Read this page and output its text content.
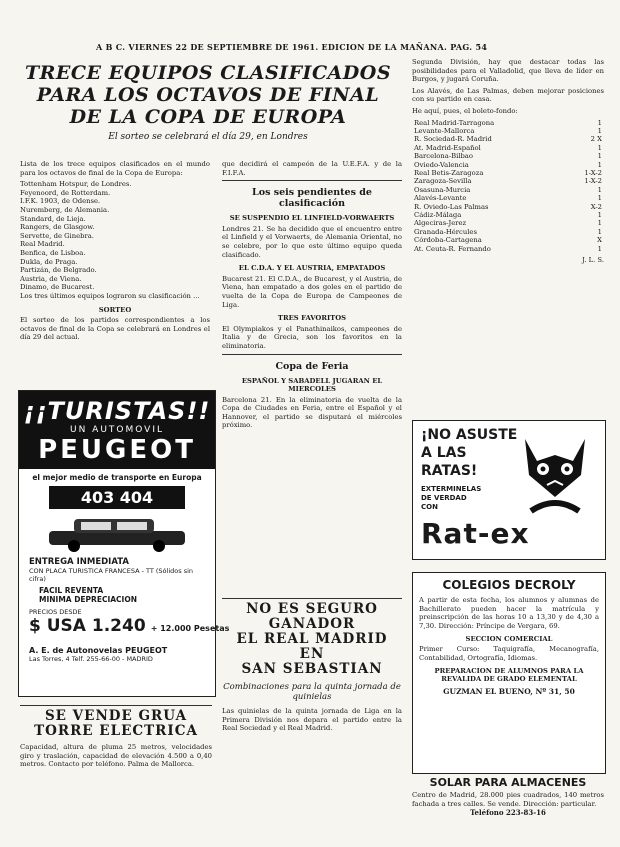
A B C. VIERNES 22 DE SEPTIEMBRE DE 1961. EDICION DE LA MAÑANA. PAG. 54
TRECE EQUIPOS CLASIFICADOS
PARA LOS OCTAVOS DE FINAL
DE LA COPA DE EUROPA
El sorteo se celebrará el día 29, en Londres

Lista de los trece equipos clasificados en el mundo para los octavos de final de la Copa de Europa:

Tottenham Hotspur, de Londres.
Feyenoord, de Rotterdam.
I.F.K. 1903, de Odense.
Nuremberg, de Alemania.
Standard, de Lieja.
Rangers, de Glasgow.
Servette, de Ginebra.
Real Madrid.
Benfica, de Lisboa.
Dukla, de Praga.
Partizán, de Belgrado.
Austria, de Viena.
Dinamo, de Bucarest.

Los tres últimos equipos lograron su clasificación ...

SORTEO

El sorteo de los partidos correspondientes a los octavos de final de la Copa se celebrará en Londres el día 29 del actual.

¡¡TURISTAS!!
UN AUTOMOVIL
PEUGEOT
el mejor medio de transporte en Europa
403 404
ENTREGA INMEDIATA
CON PLACA TURISTICA FRANCESA - TT (Sólidos sin cifra)
FACIL REVENTA
MINIMA DEPRECIACION
PRECIOS DESDE
$ USA 1.240 + 12.000 Pesetas
A. E. de Autonovelas PEUGEOT
Las Torres, 4 Telf. 255-66-00 - MADRID
SE VENDE GRUA TORRE ELECTRICA
Capacidad, altura de pluma 25 metros, velocidades giro y traslación, capacidad de elevación 4.500 a 0,40 metros. Contacto por teléfono. Palma de Mallorca.

que decidirá el campeón de la U.E.F.A. y de la F.I.F.A.

Los seis pendientes de clasificación
SE SUSPENDIO EL LINFIELD-VORWAERTS

Londres 21. Se ha decidido que el encuentro entre el Linfield y el Vorwaerts, de Alemania Oriental, no se celebre, por lo que este último equipo queda clasificado.

EL C.D.A. Y EL AUSTRIA, EMPATADOS

Bucarest 21. El C.D.A., de Bucarest, y el Austria, de Viena, han empatado a dos goles en el partido de vuelta de la Copa de Europa de Campeones de Liga.

TRES FAVORITOS

El Olympiakos y el Panathinaikos, campeones de Italia y de Grecia, son los favoritos en la eliminatoria.

Copa de Feria
ESPAÑOL Y SABADELL JUGARAN EL MIERCOLES

Barcelona 21. En la eliminatoria de vuelta de la Copa de Ciudades en Feria, entre el Español y el Hannover, el partido se disputará el miércoles próximo.

NO ES SEGURO GANADOR
EL REAL MADRID EN
SAN SEBASTIAN
Combinaciones para la quinta jornada de quinielas
Las quinielas de la quinta jornada de Liga en la Primera División nos depara el partido entre la Real Sociedad y el Real Madrid.

Segunda División, hay que destacar todas las posibilidades para el Valladolid, que lleva de líder en Burgos, y jugará Coruña.

Los Alavés, de Las Palmas, deben mejorar posiciones con su partido en casa.

He aquí, pues, el boleto-fondo:

Real Madrid-Tarragona	1
Levante-Mallorca	1
R. Sociedad-R. Madrid	2 X
At. Madrid-Español	1
Barcelona-Bilbao	1
Oviedo-Valencia	1
Real Betis-Zaragoza	1-X-2
Zaragoza-Sevilla	1-X-2
Osasuna-Murcia	1
Alavés-Levante	1
R. Oviedo-Las Palmas	X-2
Cádiz-Málaga	1
Algeciras-Jerez	1
Granada-Hércules	1
Córdoba-Cartagena	X
At. Ceuta-R. Fernando	1
J. L. S.
¡NO ASUSTE
A LAS
RATAS!
EXTERMINELAS
DE VERDAD
CON
Rat-ex
COLEGIOS DECROLY
A partir de esta fecha, los alumnos y alumnas de Bachillerato pueden hacer la matrícula y preinscripción de las horas 10 a 13,30 y de 4,30 a 7,30. Dirección: Príncipe de Vergara, 69.
SECCION COMERCIAL
Primer Curso: Taquigrafía, Mecanografía, Contabilidad, Ortografía, Idiomas.
PREPARACION DE ALUMNOS PARA LA REVALIDA DE GRADO ELEMENTAL
GUZMAN EL BUENO, Nº 31, 50
SOLAR PARA ALMACENES
Centro de Madrid, 28.000 pies cuadrados, 140 metros fachada a tres calles. Se vende. Dirección: particular.
Teléfono 223-83-16
